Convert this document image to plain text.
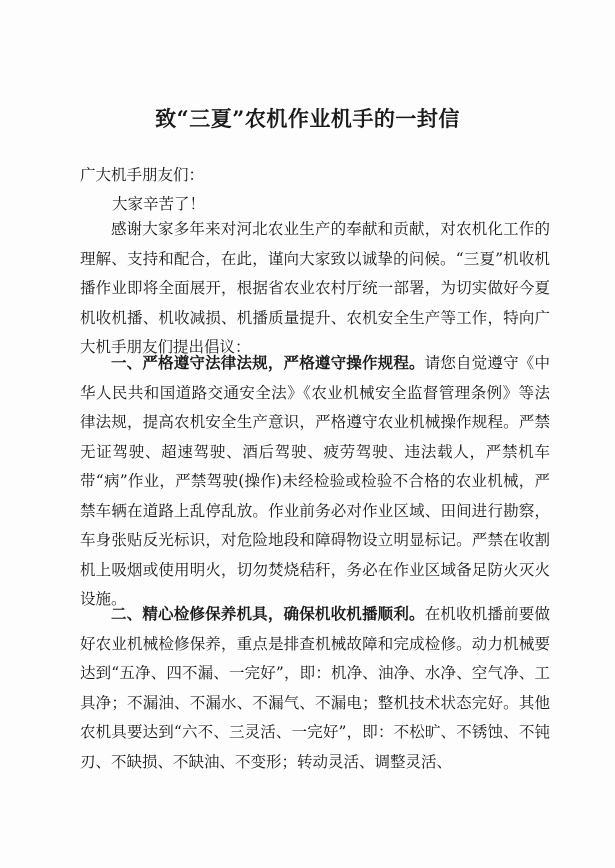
致“三夏”农机作业机手的一封信
广大机手朋友们：
大家辛苦了！

感谢大家多年来对河北农业生产的奉献和贡献，对农机化工作的理解、支持和配合，在此，谨向大家致以诚挚的问候。“三夏”机收机播作业即将全面展开，根据省农业农村厅统一部署，为切实做好今夏机收机播、机收减损、机播质量提升、农机安全生产等工作，特向广大机手朋友们提出倡议：

一、严格遵守法律法规，严格遵守操作规程。请您自觉遵守《中华人民共和国道路交通安全法》《农业机械安全监督管理条例》等法律法规，提高农机安全生产意识，严格遵守农业机械操作规程。严禁无证驾驶、超速驾驶、酒后驾驶、疲劳驾驶、违法载人，严禁机车带“病”作业，严禁驾驶(操作)未经检验或检验不合格的农业机械，严禁车辆在道路上乱停乱放。作业前务必对作业区域、田间进行勘察，车身张贴反光标识，对危险地段和障碍物设立明显标记。严禁在收割机上吸烟或使用明火，切勿焚烧秸秆，务必在作业区域备足防火灭火设施。

二、精心检修保养机具，确保机收机播顺利。在机收机播前要做好农业机械检修保养，重点是排查机械故障和完成检修。动力机械要达到“五净、四不漏、一完好”，即：机净、油净、水净、空气净、工具净；不漏油、不漏水、不漏气、不漏电；整机技术状态完好。其他农机具要达到“六不、三灵活、一完好”，即：不松旷、不锈蚀、不钝刃、不缺损、不缺油、不变形；转动灵活、调整灵活、
